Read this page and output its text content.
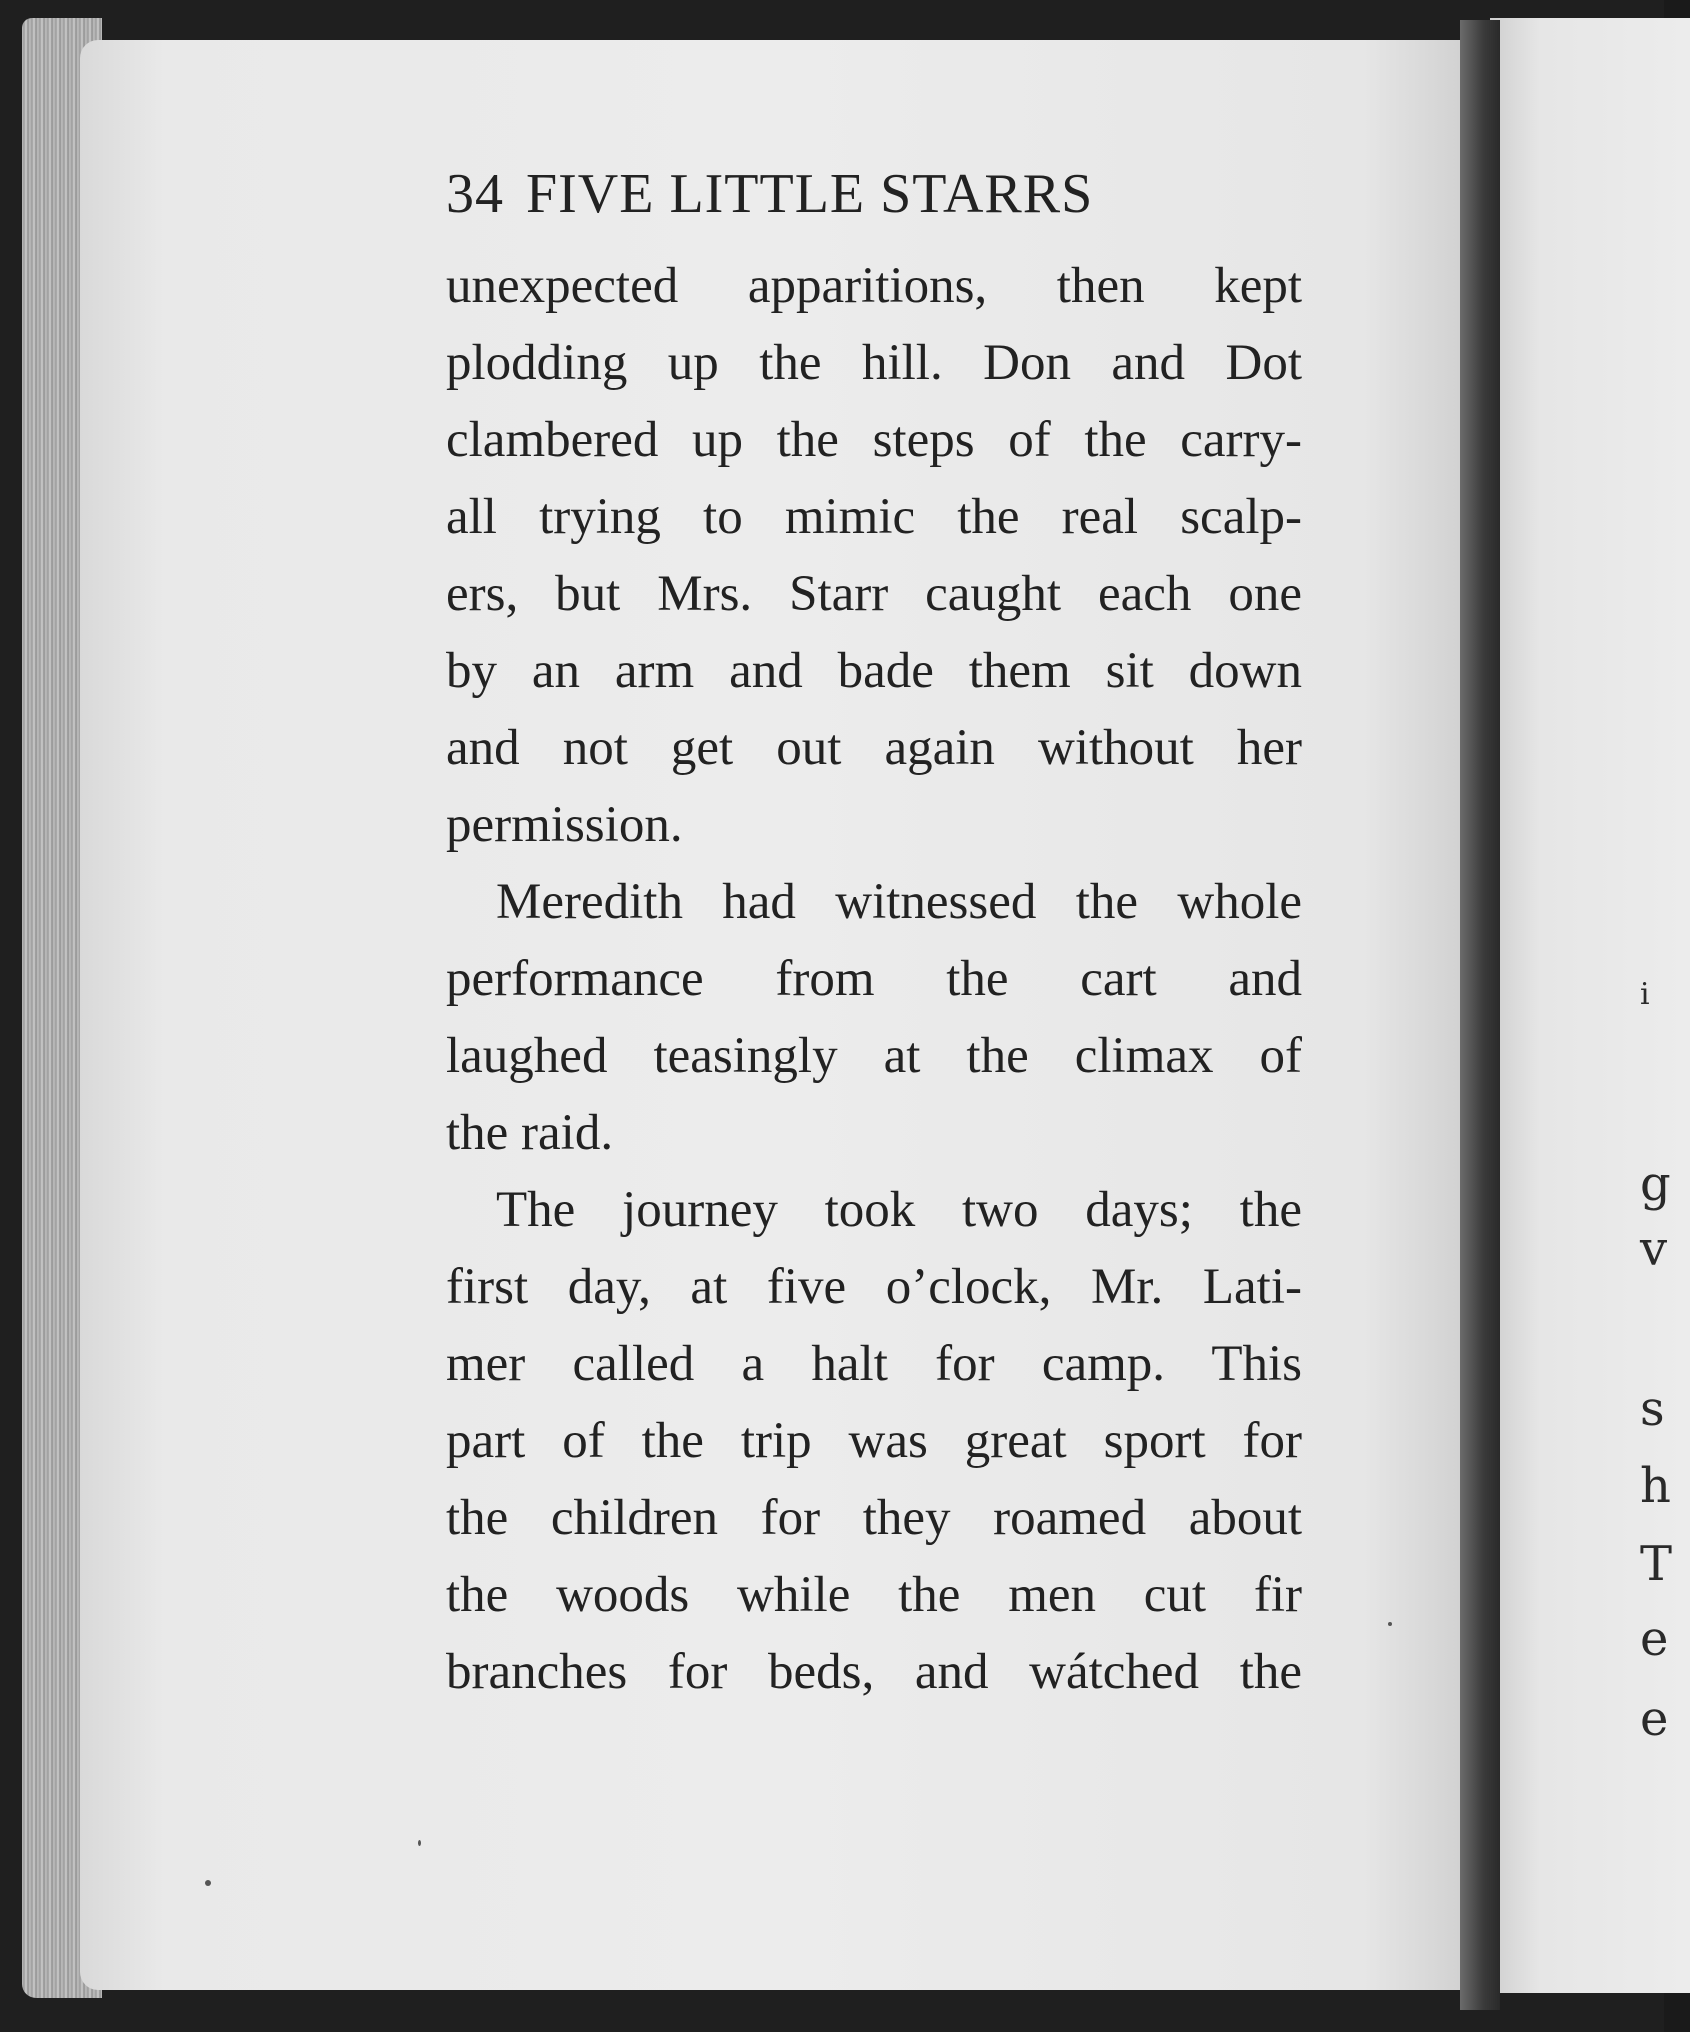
i
g
v
s
h
T
e
e
34 FIVE LITTLE STARRS
unexpected apparitions, then kept
plodding up the hill. Don and Dot
clambered up the steps of the carry-
all trying to mimic the real scalp-
ers, but Mrs. Starr caught each one
by an arm and bade them sit down
and not get out again without her
permission.
Meredith had witnessed the whole
performance from the cart and
laughed teasingly at the climax of
the raid.
The journey took two days; the
first day, at five o’clock, Mr. Lati-
mer called a halt for camp. This
part of the trip was great sport for
the children for they roamed about
the woods while the men cut fir
branches for beds, and wátched the
